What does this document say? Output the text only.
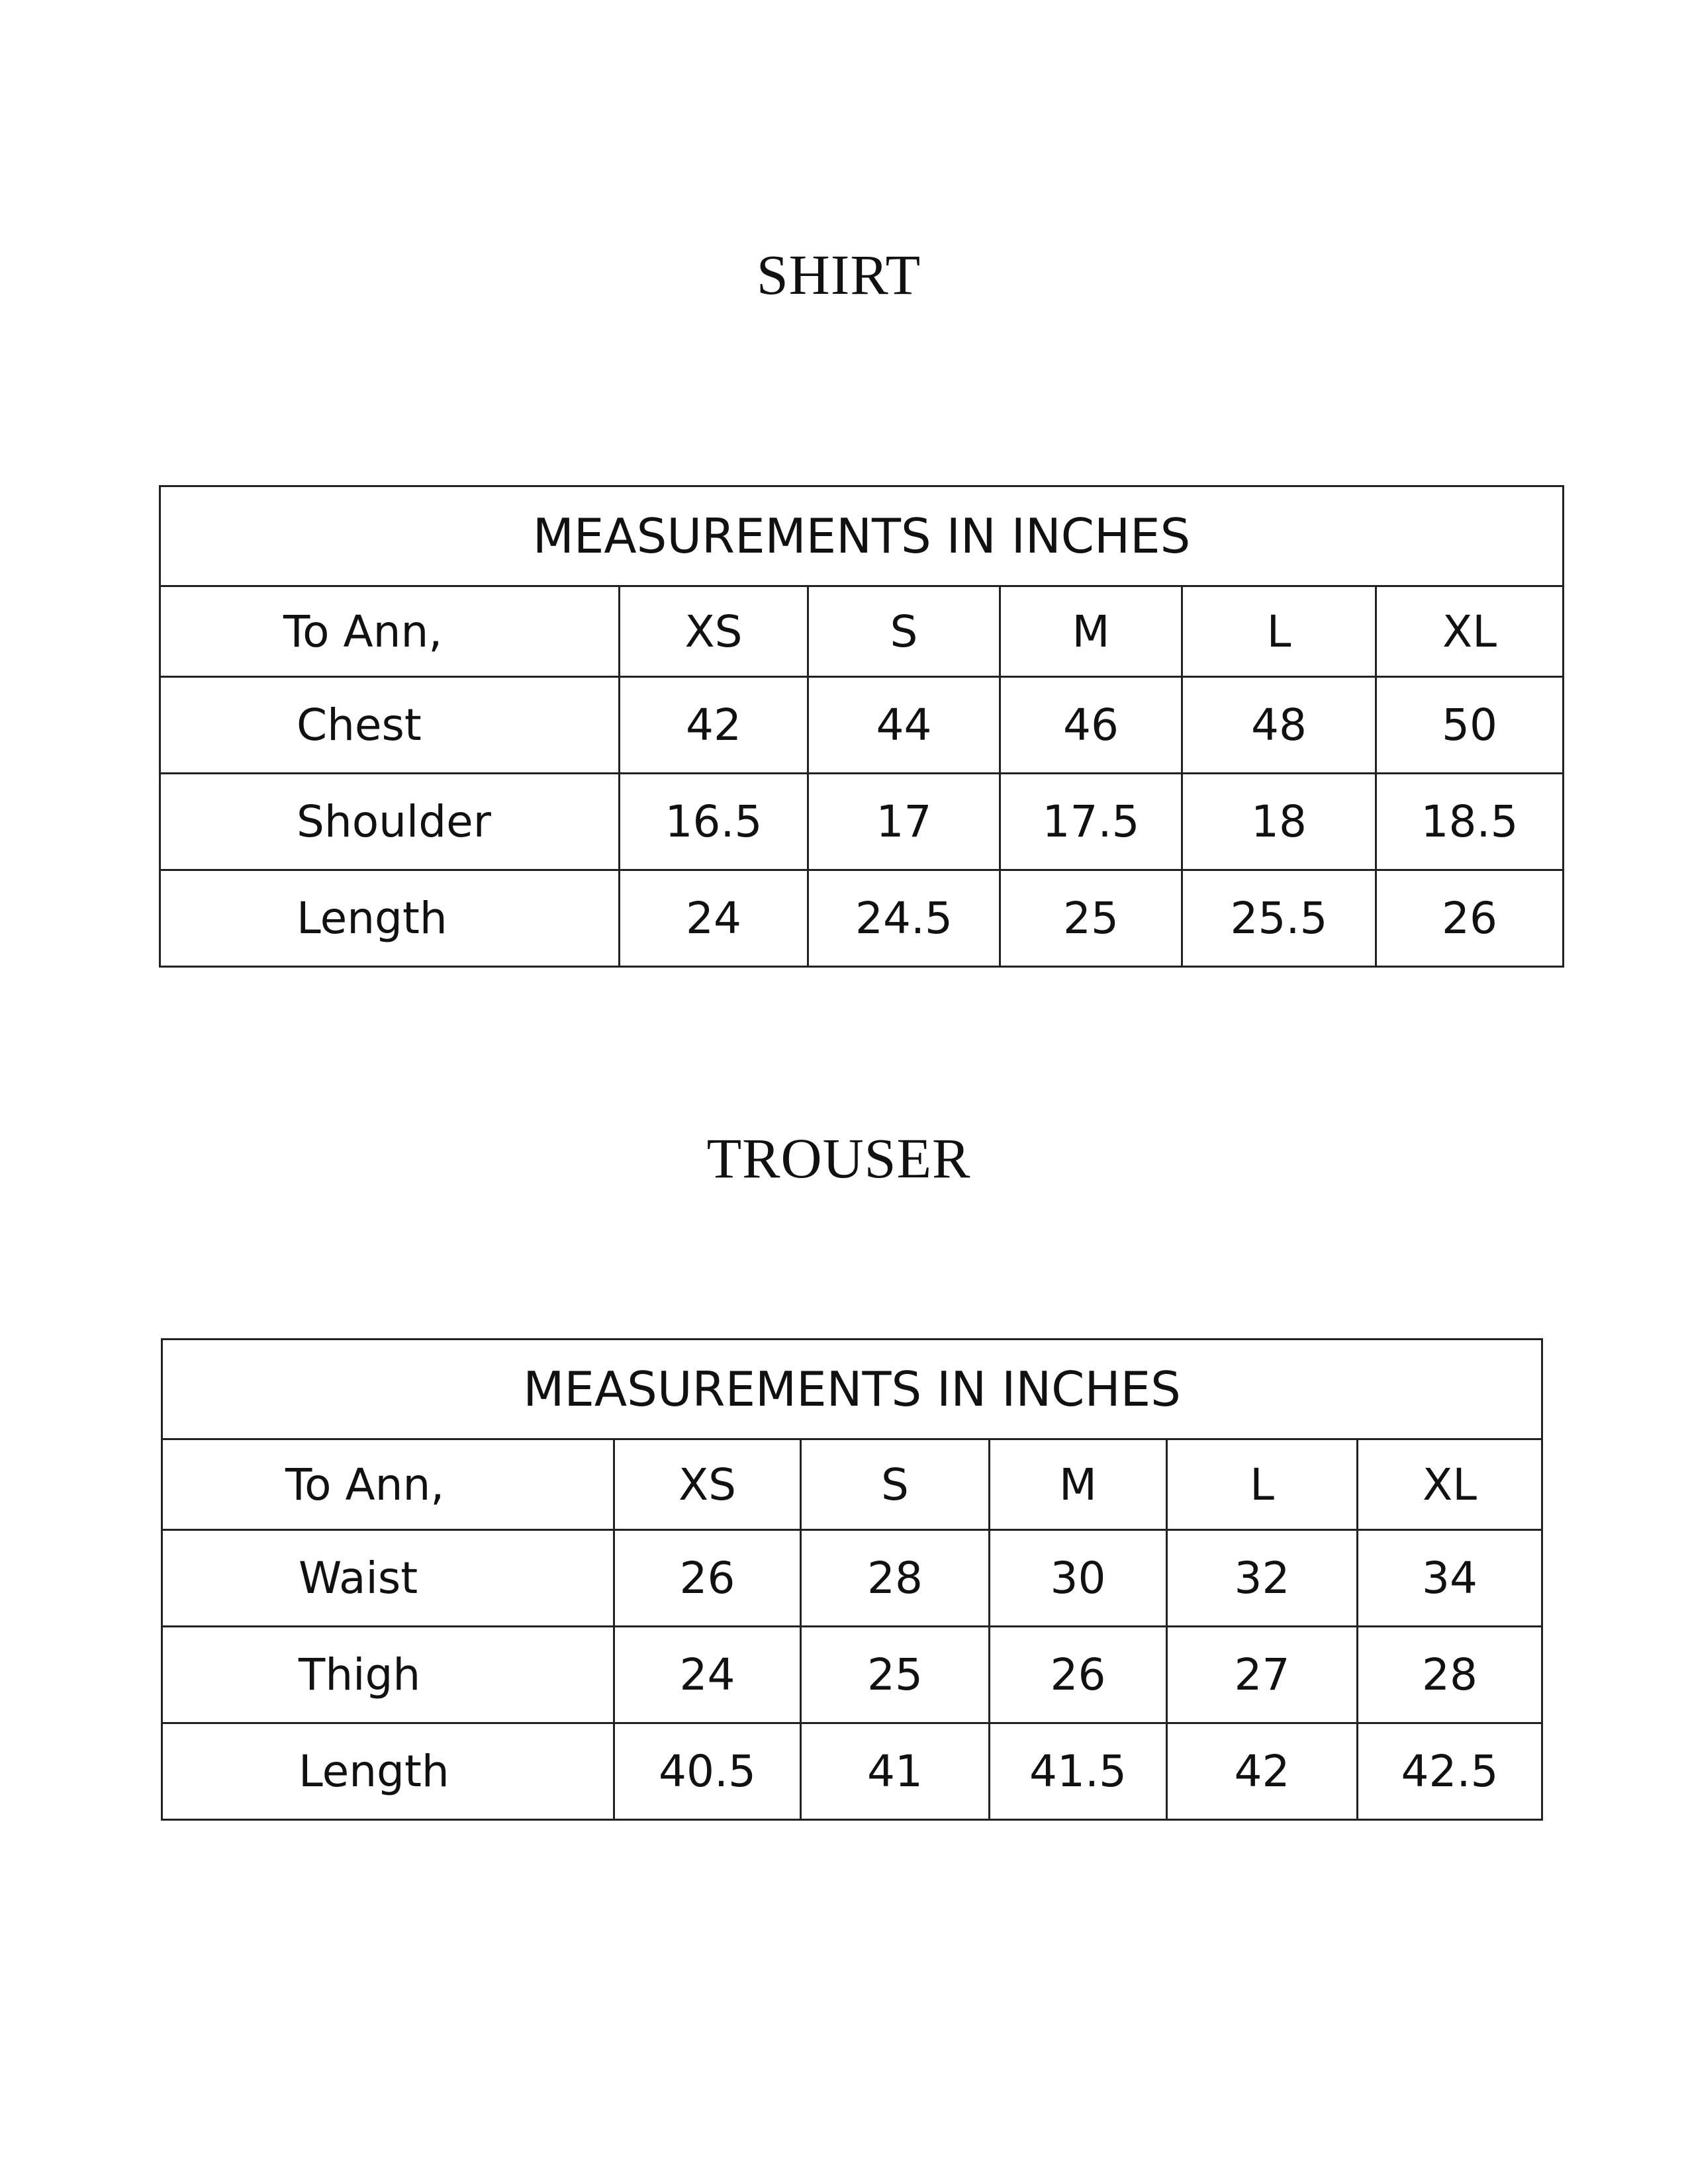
SHIRT
MEASUREMENTS IN INCHES					
To Ann,	XS	S	M	L	XL
Chest	42	44	46	48	50
Shoulder	16.5	17	17.5	18	18.5
Length	24	24.5	25	25.5	26
TROUSER
MEASUREMENTS IN INCHES					
To Ann,	XS	S	M	L	XL
Waist	26	28	30	32	34
Thigh	24	25	26	27	28
Length	40.5	41	41.5	42	42.5
